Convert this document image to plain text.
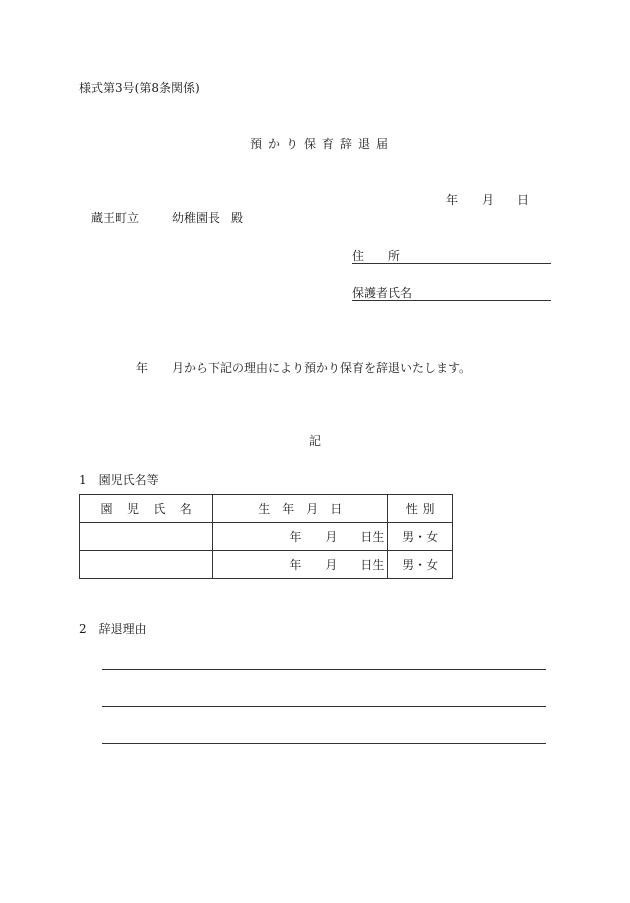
様式第3号(第8条関係)
預かり保育辞退届
年 月 日
蔵王町立	幼稚園長 殿
住　　所
保護者氏名
年 月から下記の理由により預かり保育を辞退いたします。
記
1　園児氏名等
園児氏名	生年月日	性別

	年 月 日生	男・女

	年 月 日生	男・女
2　辞退理由
